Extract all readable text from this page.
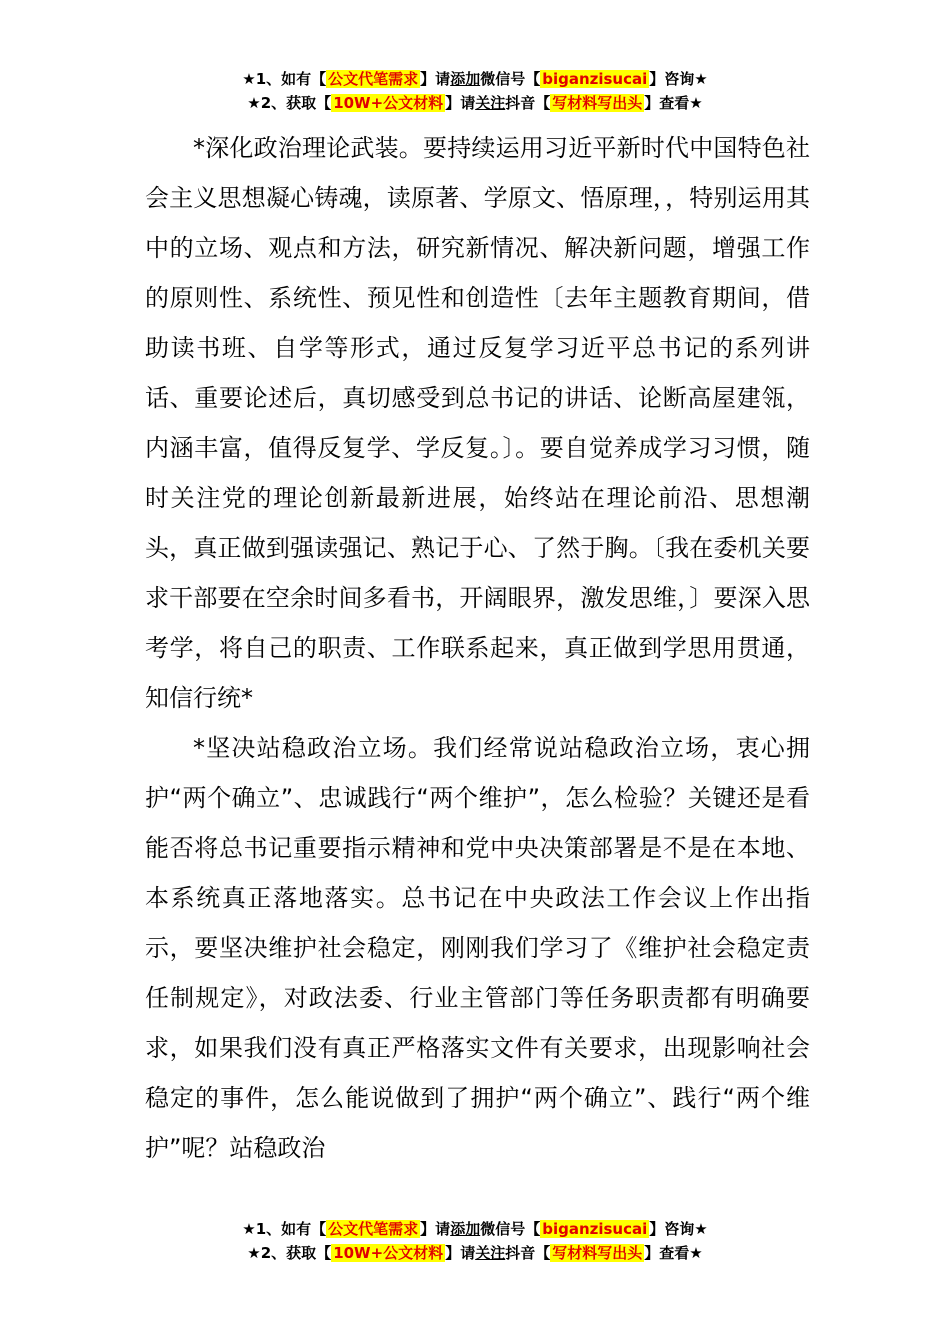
★1、如有【 公文代笔需求 】请添加微信号【 biganzisucai 】咨询★
★2、获取【 10W+公文材料 】请关注抖音【 写材料写出头 】查看★

*深化政治理论武装。要持续运用习近平新时代中国特色社会主义思想凝心铸魂，读原著、学原文、悟原理，，特别运用其中的立场、观点和方法，研究新情况、解决新问题，增强工作的原则性、系统性、预见性和创造性〔去年主题教育期间，借助读书班、自学等形式，通过反复学习近平总书记的系列讲话、重要论述后，真切感受到总书记的讲话、论断高屋建瓴，内涵丰富，值得反复学、学反复。〕。要自觉养成学习习惯，随时关注党的理论创新最新进展，始终站在理论前沿、思想潮头，真正做到强读强记、熟记于心、了然于胸。〔我在委机关要求干部要在空余时间多看书，开阔眼界，激发思维，〕要深入思考学，将自己的职责、工作联系起来，真正做到学思用贯通，知信行统*

*坚决站稳政治立场。我们经常说站稳政治立场，衷心拥护“两个确立”、忠诚践行“两个维护”，怎么检验？关键还是看能否将总书记重要指示精神和党中央决策部署是不是在本地、本系统真正落地落实。总书记在中央政法工作会议上作出指示，要坚决维护社会稳定，刚刚我们学习了《维护社会稳定责任制规定》，对政法委、行业主管部门等任务职责都有明确要求，如果我们没有真正严格落实文件有关要求，出现影响社会稳定的事件，怎么能说做到了拥护“两个确立”、践行“两个维护”呢？站稳政治

★1、如有【 公文代笔需求 】请添加微信号【 biganzisucai 】咨询★
★2、获取【 10W+公文材料 】请关注抖音【 写材料写出头 】查看★
